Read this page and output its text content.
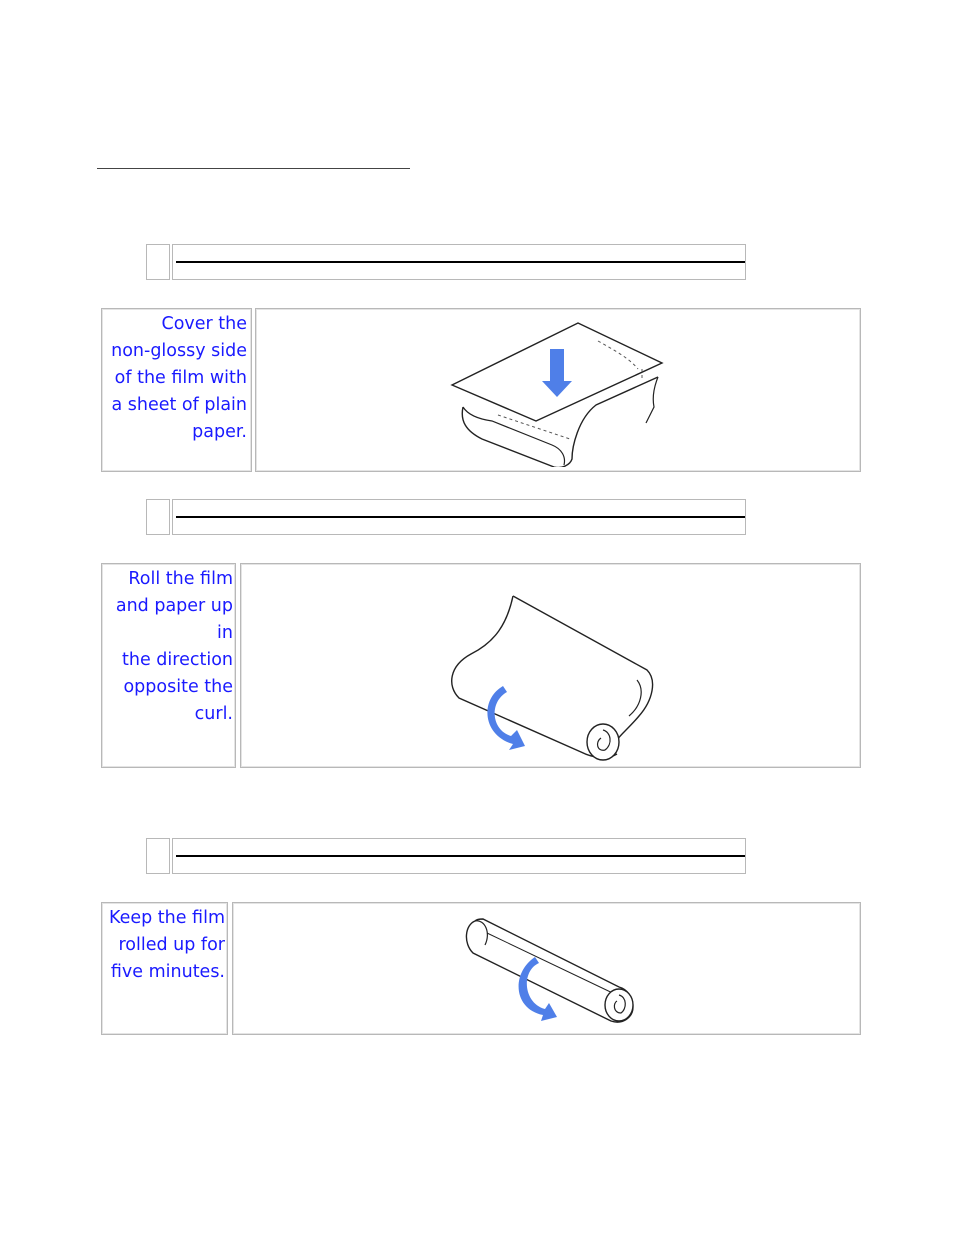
Cover the
non-glossy side
of the film with
a sheet of plain
paper.
Roll the film
and paper up in
the direction
opposite the
curl.
Keep the film
rolled up for
five minutes.
